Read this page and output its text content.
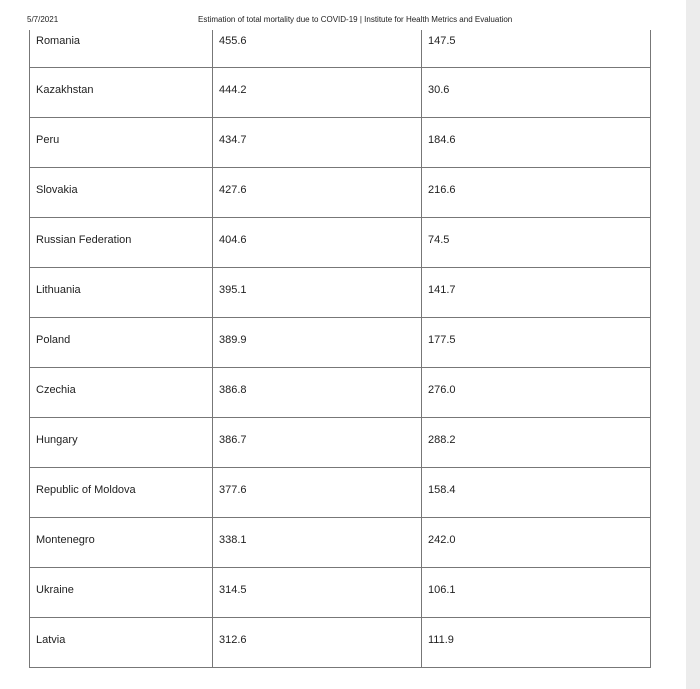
5/7/2021	Estimation of total mortality due to COVID-19 | Institute for Health Metrics and Evaluation
Romania	455.6	147.5

Kazakhstan	444.2	30.6

Peru	434.7	184.6

Slovakia	427.6	216.6

Russian Federation	404.6	74.5

Lithuania	395.1	141.7

Poland	389.9	177.5

Czechia	386.8	276.0

Hungary	386.7	288.2

Republic of Moldova	377.6	158.4

Montenegro	338.1	242.0

Ukraine	314.5	106.1

Latvia	312.6	111.9
